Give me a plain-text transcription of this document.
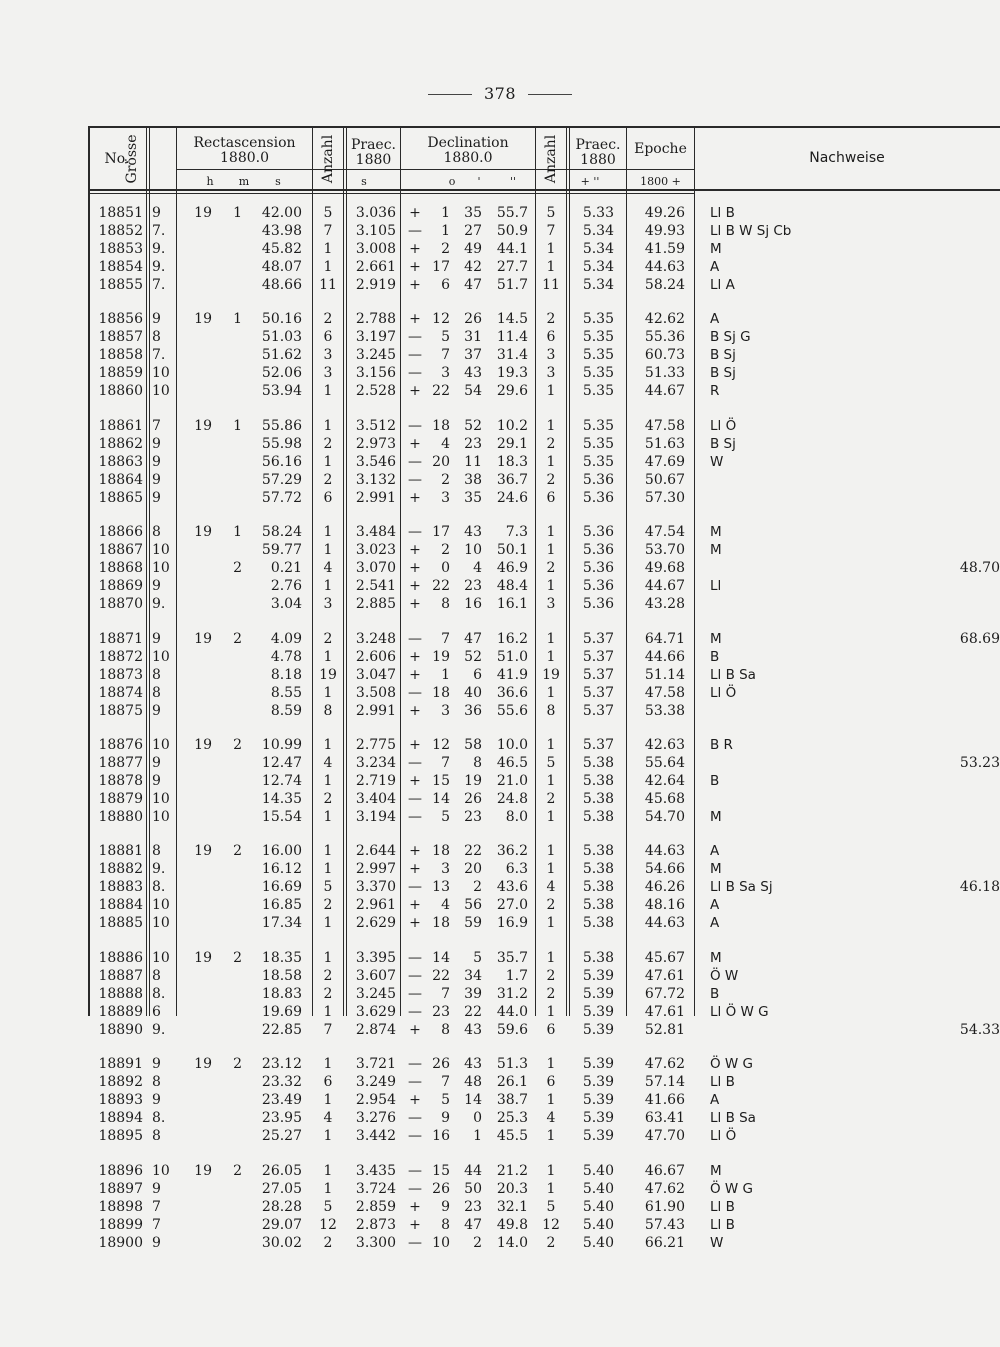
378
No.
Grösse	Rectascension
1880.0
h	m	s	Anzahl Praec.
1880
s
Declination
1880.0
o	'	'' Anzahl	Praec.
1880
+ ''
Epoche
1800 +
Nachweise
18851 9	19	1	42.00	5	3.036 +	1	35	55.7	5	5.33	49.26 Ll B
18852 7.	43.98	7	3.105 —	1	27	50.9	7	5.34	49.93 Ll B W Sj Cb
18853 9.	45.82	1	3.008 +	2	49	44.1	1	5.34	41.59 M
18854 9.	48.07	1	2.661 + 17	42	27.7	1	5.34	44.63 A
18855 7.	48.66	11	2.919 +	6	47	51.7	11	5.34	58.24 Ll A
18856 9	19	1	50.16	2	2.788 + 12	26	14.5	2	5.35	42.62 A
18857 8	51.03	6	3.197 —	5	31	11.4	6	5.35	55.36 B Sj G
18858 7.	51.62	3	3.245 —	7	37	31.4	3	5.35	60.73 B Sj
18859 10	52.06	3	3.156 —	3	43	19.3	3	5.35	51.33 B Sj
18860 10	53.94	1	2.528 + 22	54	29.6	1	5.35	44.67 R
18861 7	19	1	55.86	1	3.512 — 18	52	10.2	1	5.35	47.58 Ll Ö
18862 9	55.98	2	2.973 +	4	23	29.1	2	5.35	51.63 B Sj
18863 9	56.16	1	3.546 — 20	11	18.3	1	5.35	47.69 W
18864 9	57.29	2	3.132 —	2	38	36.7	2	5.36	50.67
18865 9	57.72	6	2.991 +	3	35	24.6	6	5.36	57.30
18866 8	19	1	58.24	1	3.484 — 17	43	7.3	1	5.36	47.54 M
18867 10	59.77	1	3.023 +	2	10	50.1	1	5.36	53.70 M
18868 10	2	0.21	4	3.070 +	0	4	46.9	2	5.36	49.68	48.70
18869 9	2.76	1	2.541 + 22	23	48.4	1	5.36	44.67 Ll
18870 9.	3.04	3	2.885 +	8	16	16.1	3	5.36	43.28
18871 9	19	2	4.09	2	3.248 —	7	47	16.2	1	5.37	64.71 M	68.69
18872 10	4.78	1	2.606 + 19	52	51.0	1	5.37	44.66 B
18873 8	8.18	19	3.047 +	1	6	41.9	19	5.37	51.14 Ll B Sa
18874 8	8.55	1	3.508 — 18	40	36.6	1	5.37	47.58 Ll Ö
18875 9	8.59	8	2.991 +	3	36	55.6	8	5.37	53.38
18876 10	19	2	10.99	1	2.775 + 12	58	10.0	1	5.37	42.63 B R
18877 9	12.47	4	3.234 —	7	8	46.5	5	5.38	55.64	53.23
18878 9	12.74	1	2.719 + 15	19	21.0	1	5.38	42.64 B
18879 10	14.35	2	3.404 — 14	26	24.8	2	5.38	45.68
18880 10	15.54	1	3.194 —	5	23	8.0	1	5.38	54.70 M
18881 8	19	2	16.00	1	2.644 + 18	22	36.2	1	5.38	44.63 A
18882 9.	16.12	1	2.997 +	3	20	6.3	1	5.38	54.66 M
18883 8.	16.69	5	3.370 — 13	2	43.6	4	5.38	46.26 Ll B Sa Sj	46.18
18884 10	16.85	2	2.961 +	4	56	27.0	2	5.38	48.16 A
18885 10	17.34	1	2.629 + 18	59	16.9	1	5.38	44.63 A
18886 10	19	2	18.35	1	3.395 — 14	5	35.7	1	5.38	45.67 M
18887 8	18.58	2	3.607 — 22	34	1.7	2	5.39	47.61 Ö W
18888 8.	18.83	2	3.245 —	7	39	31.2	2	5.39	67.72 B
18889 6	19.69	1	3.629 — 23	22	44.0	1	5.39	47.61 Ll Ö W G
18890 9.	22.85	7	2.874 +	8	43	59.6	6	5.39	52.81	54.33
18891 9	19	2	23.12	1	3.721 — 26	43	51.3	1	5.39	47.62 Ö W G
18892 8	23.32	6	3.249 —	7	48	26.1	6	5.39	57.14 Ll B
18893 9	23.49	1	2.954 +	5	14	38.7	1	5.39	41.66 A
18894 8.	23.95	4	3.276 —	9	0	25.3	4	5.39	63.41 Ll B Sa
18895 8	25.27	1	3.442 — 16	1	45.5	1	5.39	47.70 Ll Ö
18896 10	19	2	26.05	1	3.435 — 15	44	21.2	1	5.40	46.67 M
18897 9	27.05	1	3.724 — 26	50	20.3	1	5.40	47.62 Ö W G
18898 7	28.28	5	2.859 +	9	23	32.1	5	5.40	61.90 Ll B
18899 7	29.07	12	2.873 +	8	47	49.8	12	5.40	57.43 Ll B
18900 9	30.02	2	3.300 — 10	2	14.0	2	5.40	66.21 W
